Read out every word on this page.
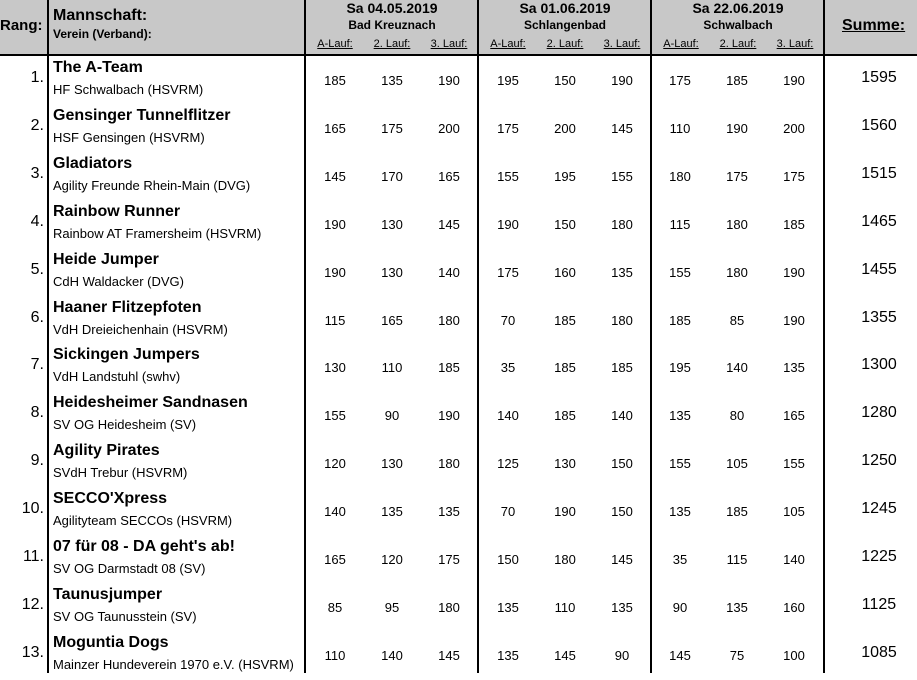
Rang:
Mannschaft:
Verein (Verband):	Summe:
Sa 04.05.2019
Bad Kreuznach
A-Lauf:	2. Lauf:	3. Lauf:
Sa 01.06.2019
Schlangenbad
A-Lauf:	2. Lauf:	3. Lauf:
Sa 22.06.2019
Schwalbach
A-Lauf:	2. Lauf:	3. Lauf:
1.
The A-Team
HF Schwalbach (HSVRM)
185	135	190	195	150	190	175	185	190	1595
2.
Gensinger Tunnelflitzer
HSF Gensingen (HSVRM)
165	175	200	175	200	145	110	190	200	1560
3.
Gladiators
Agility Freunde Rhein-Main (DVG)
145	170	165	155	195	155	180	175	175	1515
4.
Rainbow Runner
Rainbow AT Framersheim (HSVRM)
190	130	145	190	150	180	115	180	185	1465
5.
Heide Jumper
CdH Waldacker (DVG)
190	130	140	175	160	135	155	180	190	1455
6.
Haaner Flitzepfoten
VdH Dreieichenhain (HSVRM)
115	165	180	70	185	180	185	85	190	1355
7.
Sickingen Jumpers
VdH Landstuhl (swhv)
130	110	185	35	185	185	195	140	135	1300
8.
Heidesheimer Sandnasen
SV OG Heidesheim (SV)
155	90	190	140	185	140	135	80	165	1280
9.
Agility Pirates
SVdH Trebur (HSVRM)
120	130	180	125	130	150	155	105	155	1250
10.
SECCO'Xpress
Agilityteam SECCOs (HSVRM)
140	135	135	70	190	150	135	185	105	1245
11.
07 für 08 - DA geht's ab!
SV OG Darmstadt 08 (SV)
165	120	175	150	180	145	35	115	140	1225
12.
Taunusjumper
SV OG Taunusstein (SV)
85	95	180	135	110	135	90	135	160	1125
13.
Moguntia Dogs
Mainzer Hundeverein 1970 e.V. (HSVRM)
110	140	145	135	145	90	145	75	100	1085
